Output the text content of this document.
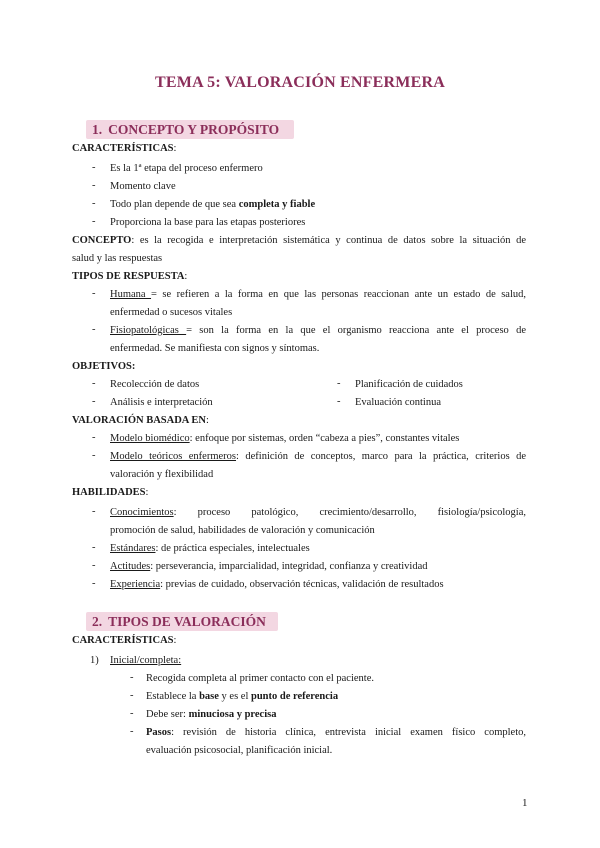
TEMA 5: VALORACIÓN ENFERMERA
1. CONCEPTO Y PROPÓSITO
CARACTERÍSTICAS:
- Es la 1ª etapa del proceso enfermero
- Momento clave
- Todo plan depende de que sea completa y fiable
- Proporciona la base para las etapas posteriores
CONCEPTO: es la recogida e interpretación sistemática y continua de datos sobre la situación de
salud y las respuestas
TIPOS DE RESPUESTA:
- Humana = se refieren a la forma en que las personas reaccionan ante un estado de salud,
enfermedad o sucesos vitales
- Fisiopatológicas = son la forma en la que el organismo reacciona ante el proceso de
enfermedad. Se manifiesta con signos y síntomas.
OBJETIVOS:
- Recolección de datos	- Planificación de cuidados
- Análisis e interpretación	- Evaluación continua
VALORACIÓN BASADA EN:
- Modelo biomédico: enfoque por sistemas, orden “cabeza a pies”, constantes vitales
- Modelo teóricos enfermeros: definición de conceptos, marco para la práctica, criterios de
valoración y flexibilidad
HABILIDADES:
- Conocimientos: proceso patológico, crecimiento/desarrollo, fisiología/psicología,
promoción de salud, habilidades de valoración y comunicación
- Estándares: de práctica especiales, intelectuales
- Actitudes: perseverancia, imparcialidad, integridad, confianza y creatividad
- Experiencia: previas de cuidado, observación técnicas, validación de resultados
2. TIPOS DE VALORACIÓN
CARACTERÍSTICAS:
1) Inicial/completa:
- Recogida completa al primer contacto con el paciente.
- Establece la base y es el punto de referencia
- Debe ser: minuciosa y precisa
- Pasos: revisión de historia clínica, entrevista inicial examen físico completo,
evaluación psicosocial, planificación inicial.
1
